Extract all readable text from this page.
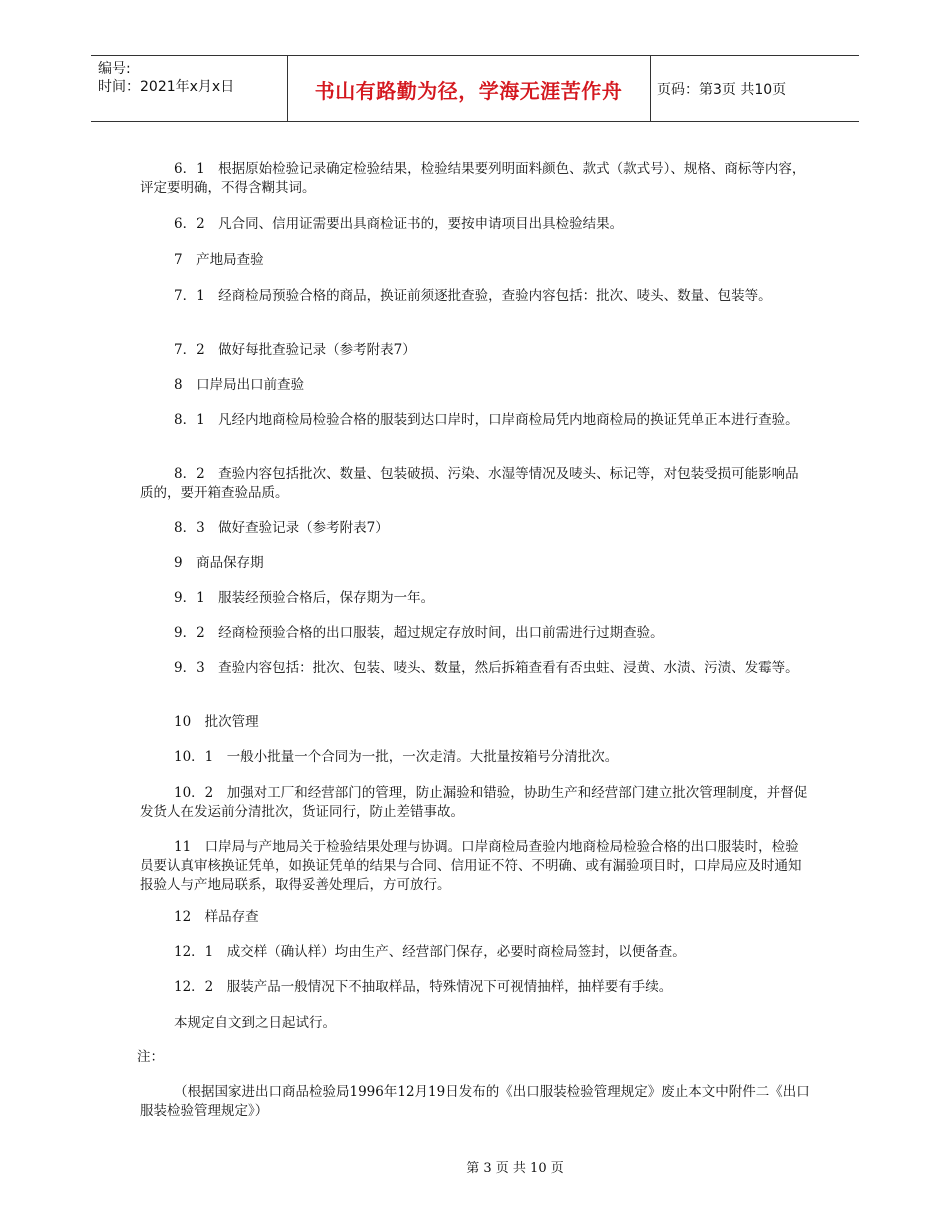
编号:
时间：2021年x月x日	书山有路勤为径，学海无涯苦作舟	页码：第3页 共10页

6．1　根据原始检验记录确定检验结果，检验结果要列明面料颜色、款式（款式号）、规格、商标等内容，评定要明确，不得含糊其词。

6．2　凡合同、信用证需要出具商检证书的，要按申请项目出具检验结果。

7　产地局查验

7．1　经商检局预验合格的商品，换证前须逐批查验，查验内容包括：批次、唛头、数量、包装等。

7．2　做好每批查验记录（参考附表7）

8　口岸局出口前查验

8．1　凡经内地商检局检验合格的服装到达口岸时，口岸商检局凭内地商检局的换证凭单正本进行查验。

8．2　查验内容包括批次、数量、包装破损、污染、水湿等情况及唛头、标记等，对包装受损可能影响品质的，要开箱查验品质。

8．3　做好查验记录（参考附表7）

9　商品保存期

9．1　服装经预验合格后，保存期为一年。

9．2　经商检预验合格的出口服装，超过规定存放时间，出口前需进行过期查验。

9．3　查验内容包括：批次、包装、唛头、数量，然后拆箱查看有否虫蛀、浸黄、水渍、污渍、发霉等。

10　批次管理

10．1　一般小批量一个合同为一批，一次走清。大批量按箱号分清批次。

10．2　加强对工厂和经营部门的管理，防止漏验和错验，协助生产和经营部门建立批次管理制度，并督促发货人在发运前分清批次，货证同行，防止差错事故。

11　口岸局与产地局关于检验结果处理与协调。口岸商检局查验内地商检局检验合格的出口服装时，检验员要认真审核换证凭单，如换证凭单的结果与合同、信用证不符、不明确、或有漏验项目时，口岸局应及时通知报验人与产地局联系，取得妥善处理后，方可放行。

12　样品存查

12．1　成交样（确认样）均由生产、经营部门保存，必要时商检局签封，以便备查。

12．2　服装产品一般情况下不抽取样品，特殊情况下可视情抽样，抽样要有手续。

本规定自文到之日起试行。

注：

（根据国家进出口商品检验局1996年12月19日发布的《出口服装检验管理规定》废止本文中附件二《出口服装检验管理规定》）

第 3 页 共 10 页
